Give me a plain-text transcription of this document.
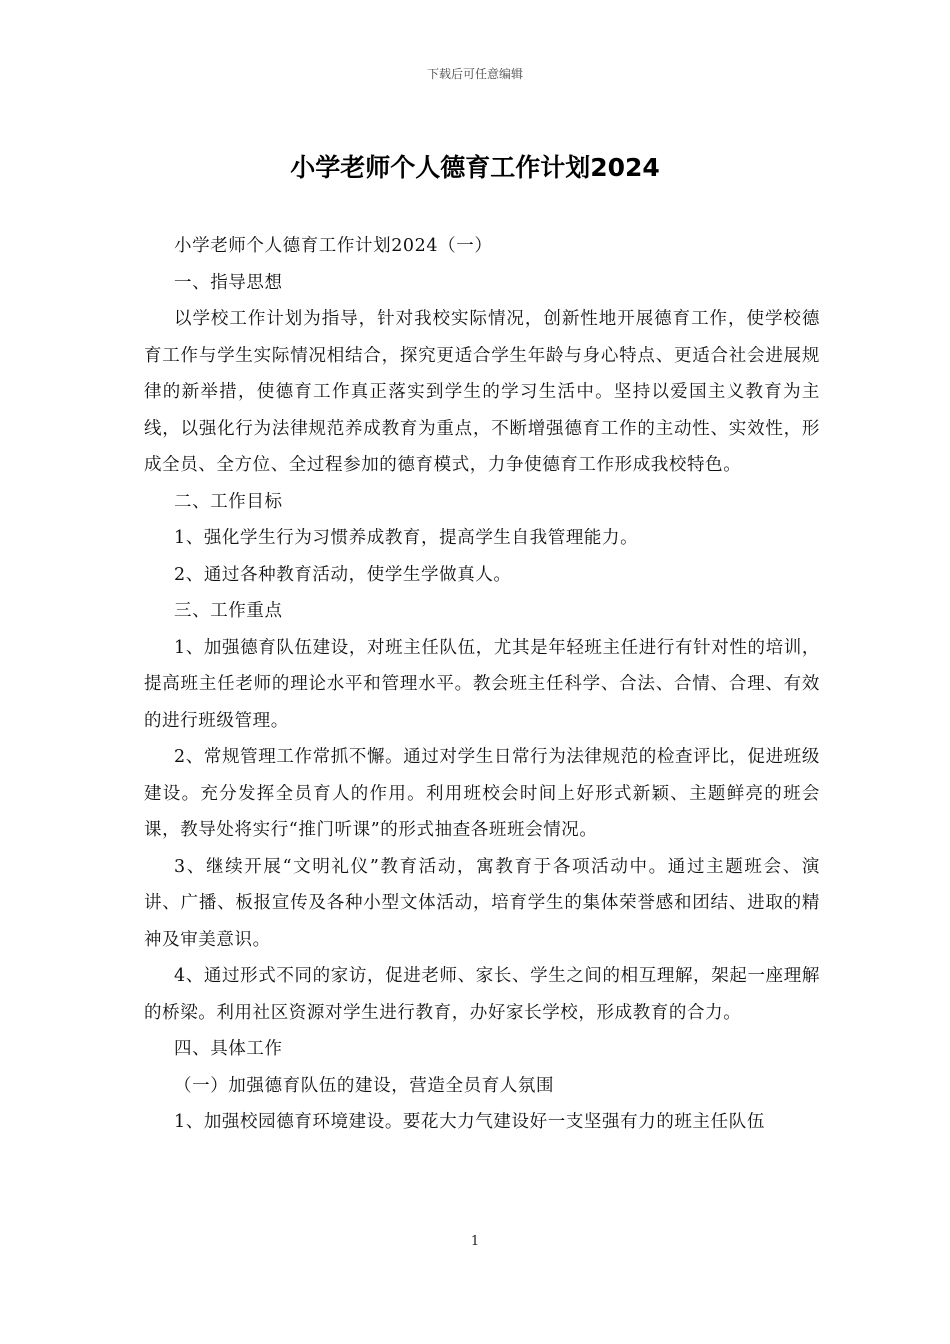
下载后可任意编辑
小学老师个人德育工作计划2024

小学老师个人德育工作计划2024（一）

一、指导思想

以学校工作计划为指导，针对我校实际情况，创新性地开展德育工作，使学校德育工作与学生实际情况相结合，探究更适合学生年龄与身心特点、更适合社会进展规律的新举措，使德育工作真正落实到学生的学习生活中。坚持以爱国主义教育为主线，以强化行为法律规范养成教育为重点，不断增强德育工作的主动性、实效性，形成全员、全方位、全过程参加的德育模式，力争使德育工作形成我校特色。

二、工作目标

1、强化学生行为习惯养成教育，提高学生自我管理能力。

2、通过各种教育活动，使学生学做真人。

三、工作重点

1、加强德育队伍建设，对班主任队伍，尤其是年轻班主任进行有针对性的培训，提高班主任老师的理论水平和管理水平。教会班主任科学、合法、合情、合理、有效的进行班级管理。

2、常规管理工作常抓不懈。通过对学生日常行为法律规范的检查评比，促进班级建设。充分发挥全员育人的作用。利用班校会时间上好形式新颖、主题鲜亮的班会课，教导处将实行“推门听课”的形式抽查各班班会情况。

3、继续开展“文明礼仪”教育活动，寓教育于各项活动中。通过主题班会、演讲、广播、板报宣传及各种小型文体活动，培育学生的集体荣誉感和团结、进取的精神及审美意识。

4、通过形式不同的家访，促进老师、家长、学生之间的相互理解，架起一座理解的桥梁。利用社区资源对学生进行教育，办好家长学校，形成教育的合力。

四、具体工作

（一）加强德育队伍的建设，营造全员育人氛围

1、加强校园德育环境建设。要花大力气建设好一支坚强有力的班主任队伍

1
